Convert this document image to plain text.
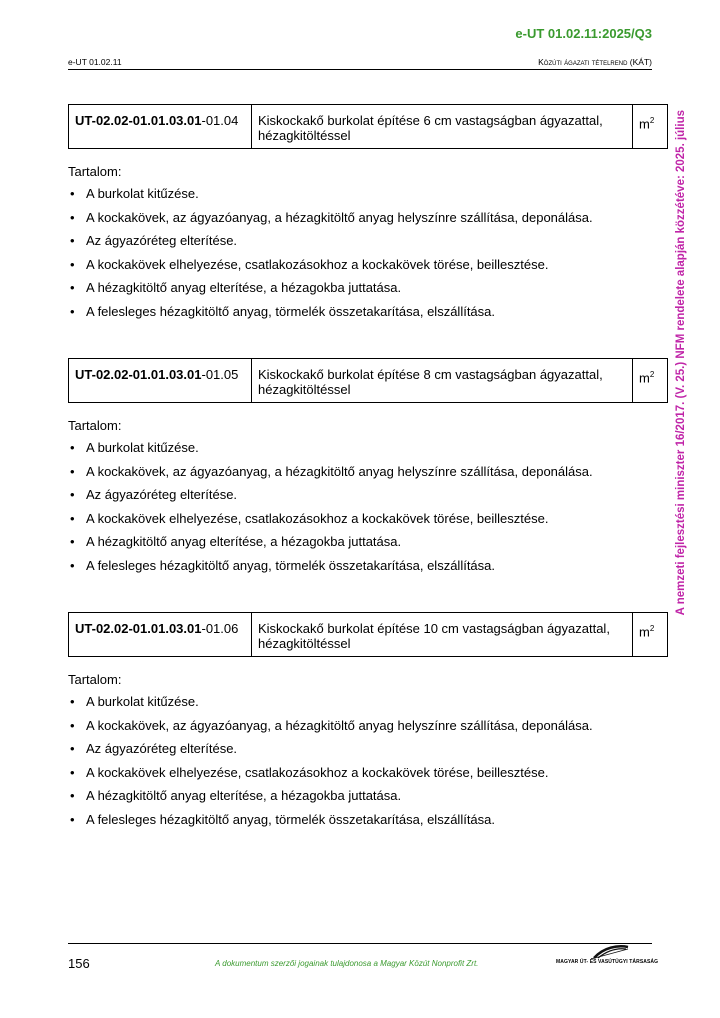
e-UT 01.02.11:2025/Q3
e-UT 01.02.11	Közúti ágazati tételrend (KÁT)
A nemzeti fejlesztési miniszter 16/2017. (V. 25.) NFM rendelete alapján közzétéve: 2025. július
UT-02.02-01.01.03.01-01.04	Kiskockakő burkolat építése 6 cm vastagságban ágyazattal, hézagkitöltéssel	$m^2$
Tartalom:
• A burkolat kitűzése.
• A kockakövek, az ágyazóanyag, a hézagkitöltő anyag helyszínre szállítása, deponálása.
• Az ágyazóréteg elterítése.
• A kockakövek elhelyezése, csatlakozásokhoz a kockakövek törése, beillesztése.
• A hézagkitöltő anyag elterítése, a hézagokba juttatása.
• A felesleges hézagkitöltő anyag, törmelék összetakarítása, elszállítása.
UT-02.02-01.01.03.01-01.05	Kiskockakő burkolat építése 8 cm vastagságban ágyazattal, hézagkitöltéssel	$m^2$
Tartalom:
• A burkolat kitűzése.
• A kockakövek, az ágyazóanyag, a hézagkitöltő anyag helyszínre szállítása, deponálása.
• Az ágyazóréteg elterítése.
• A kockakövek elhelyezése, csatlakozásokhoz a kockakövek törése, beillesztése.
• A hézagkitöltő anyag elterítése, a hézagokba juttatása.
• A felesleges hézagkitöltő anyag, törmelék összetakarítása, elszállítása.
UT-02.02-01.01.03.01-01.06	Kiskockakő burkolat építése 10 cm vastagságban ágyazattal, hézagkitöltéssel	$m^2$
Tartalom:
• A burkolat kitűzése.
• A kockakövek, az ágyazóanyag, a hézagkitöltő anyag helyszínre szállítása, deponálása.
• Az ágyazóréteg elterítése.
• A kockakövek elhelyezése, csatlakozásokhoz a kockakövek törése, beillesztése.
• A hézagkitöltő anyag elterítése, a hézagokba juttatása.
• A felesleges hézagkitöltő anyag, törmelék összetakarítása, elszállítása.
156	A dokumentum szerzői jogainak tulajdonosa a Magyar Közút Nonprofit Zrt.	MAGYAR ÚT- ÉS VASÚTÜGYI TÁRSASÁG
